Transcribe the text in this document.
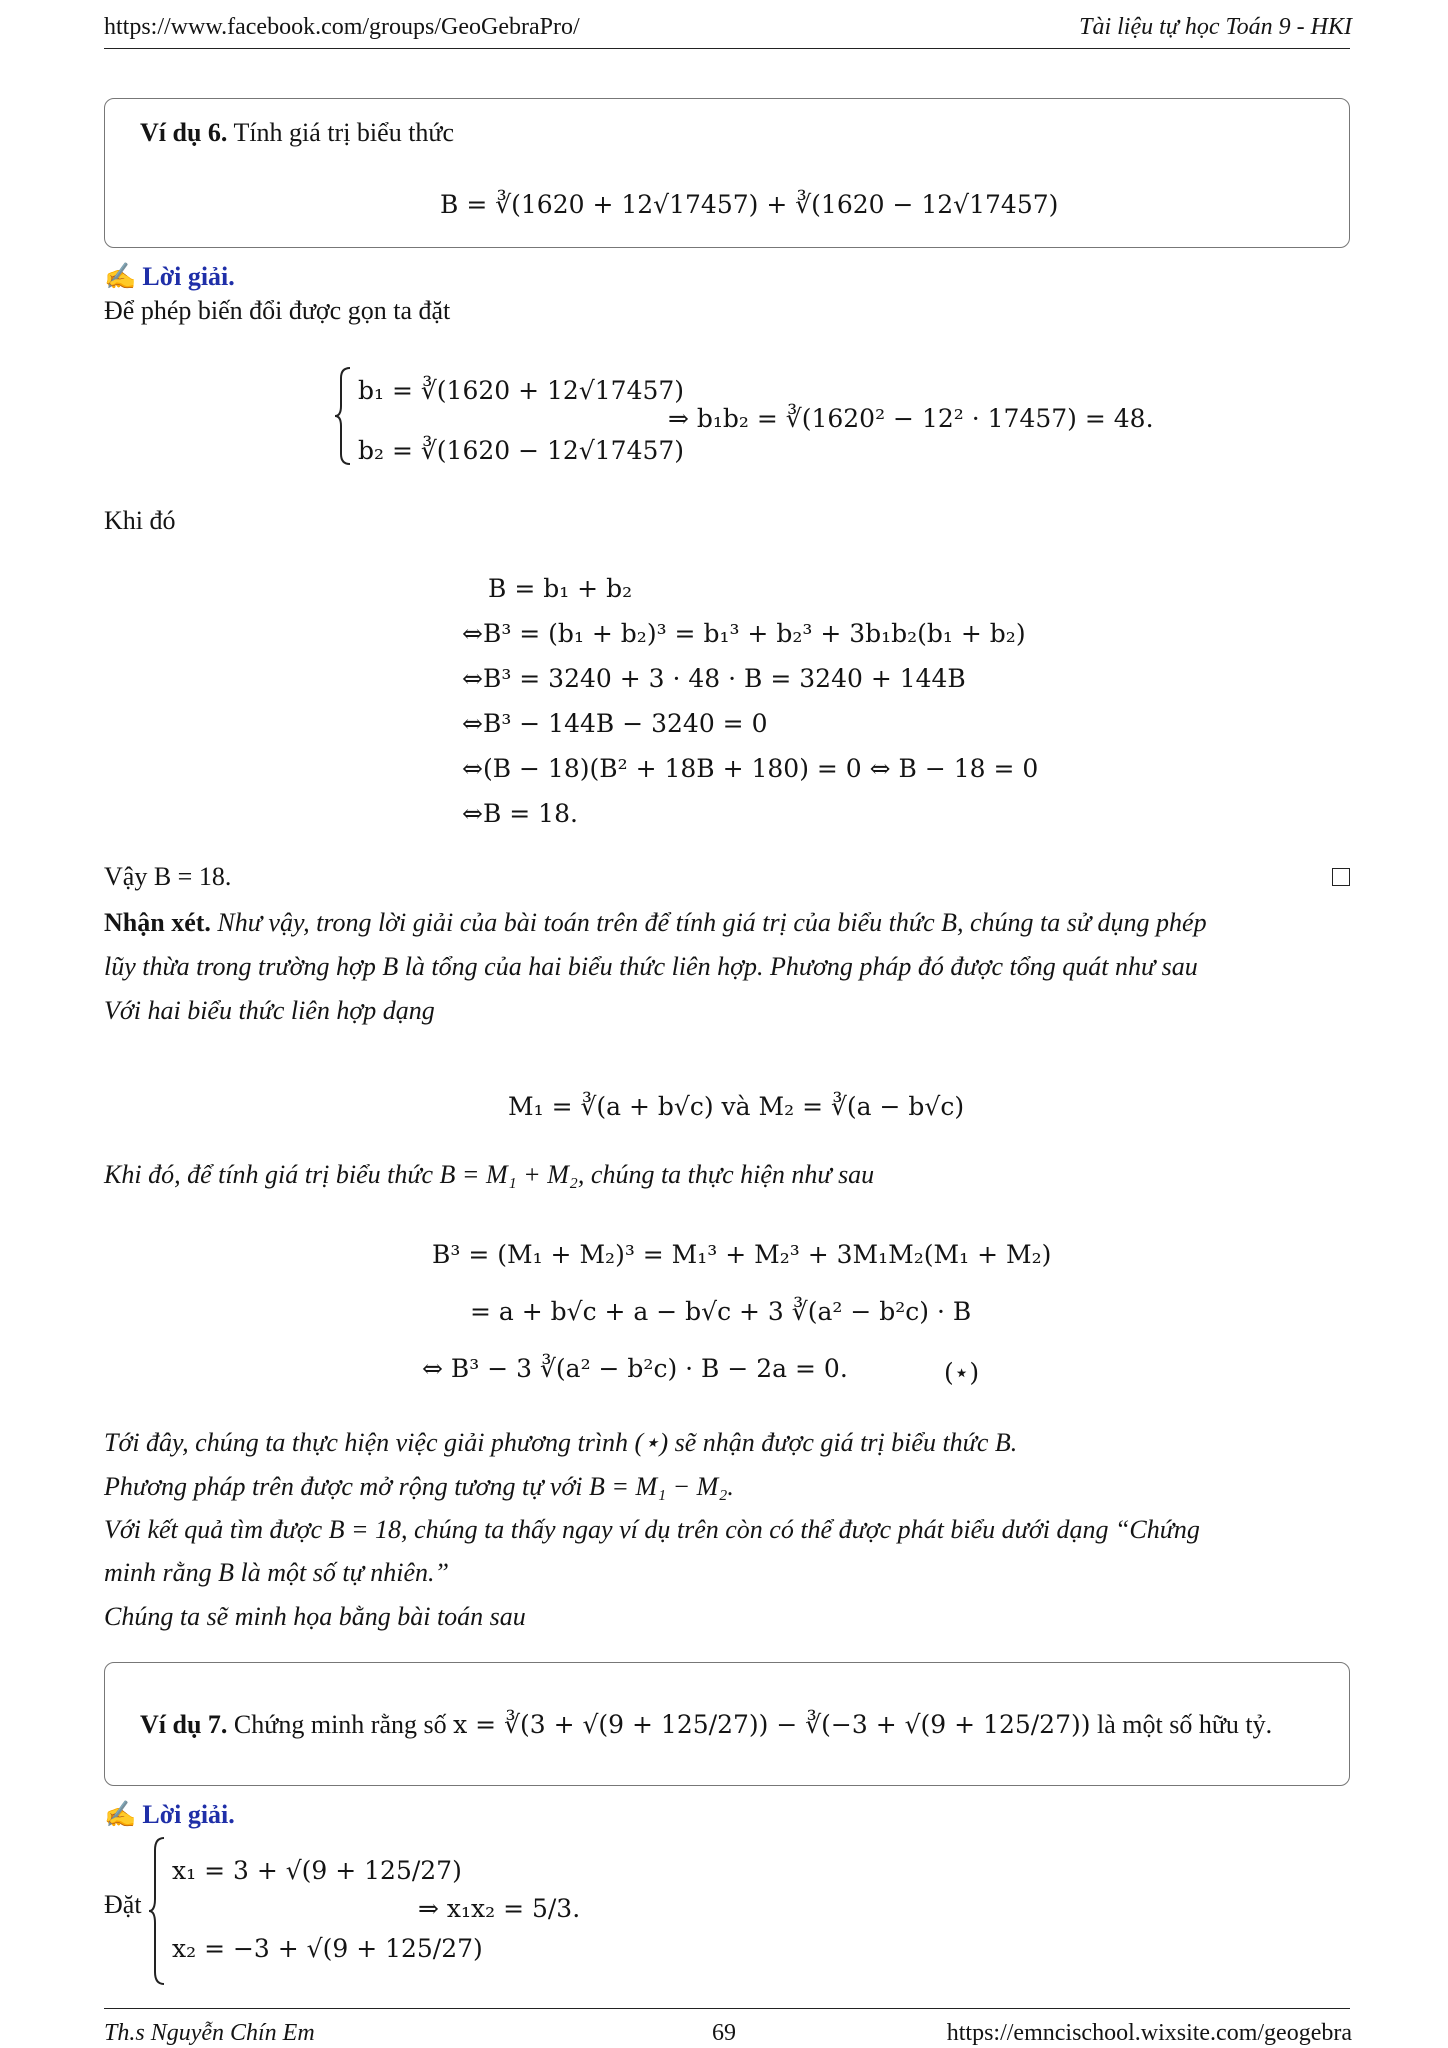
https://www.facebook.com/groups/GeoGebraPro/	Tài liệu tự học Toán 9 - HKI
Ví dụ 6. Tính giá trị biểu thức
B = ∛(1620 + 12√17457) + ∛(1620 − 12√17457)
✍ Lời giải.
Để phép biến đổi được gọn ta đặt
b₁ = ∛(1620 + 12√17457)
b₂ = ∛(1620 − 12√17457)
⇒ b₁b₂ = ∛(1620² − 12² · 17457) = 48.
Khi đó
B = b₁ + b₂
⇔B³ = (b₁ + b₂)³ = b₁³ + b₂³ + 3b₁b₂(b₁ + b₂)
⇔B³ = 3240 + 3 · 48 · B = 3240 + 144B
⇔B³ − 144B − 3240 = 0
⇔(B − 18)(B² + 18B + 180) = 0 ⇔ B − 18 = 0
⇔B = 18.
Vậy B = 18.
Nhận xét. Như vậy, trong lời giải của bài toán trên để tính giá trị của biểu thức B, chúng ta sử dụng phép
lũy thừa trong trường hợp B là tổng của hai biểu thức liên hợp. Phương pháp đó được tổng quát như sau
Với hai biểu thức liên hợp dạng
M₁ = ∛(a + b√c) và M₂ = ∛(a − b√c)
Khi đó, để tính giá trị biểu thức B = M₁ + M₂, chúng ta thực hiện như sau
B³ = (M₁ + M₂)³ = M₁³ + M₂³ + 3M₁M₂(M₁ + M₂)
= a + b√c + a − b√c + 3 ∛(a² − b²c) · B
⇔ B³ − 3 ∛(a² − b²c) · B − 2a = 0.	(⋆)
Tới đây, chúng ta thực hiện việc giải phương trình (⋆) sẽ nhận được giá trị biểu thức B.
Phương pháp trên được mở rộng tương tự với B = M₁ − M₂.
Với kết quả tìm được B = 18, chúng ta thấy ngay ví dụ trên còn có thể được phát biểu dưới dạng “Chứng
minh rằng B là một số tự nhiên.”
Chúng ta sẽ minh họa bằng bài toán sau
Ví dụ 7. Chứng minh rằng số x = ∛(3 + √(9 + 125/27)) − ∛(−3 + √(9 + 125/27)) là một số hữu tỷ.
✍ Lời giải.
Đặt
x₁ = 3 + √(9 + 125/27)
x₂ = −3 + √(9 + 125/27)
⇒ x₁x₂ = 5/3.
Th.s Nguyễn Chín Em	69	https://emncischool.wixsite.com/geogebra
